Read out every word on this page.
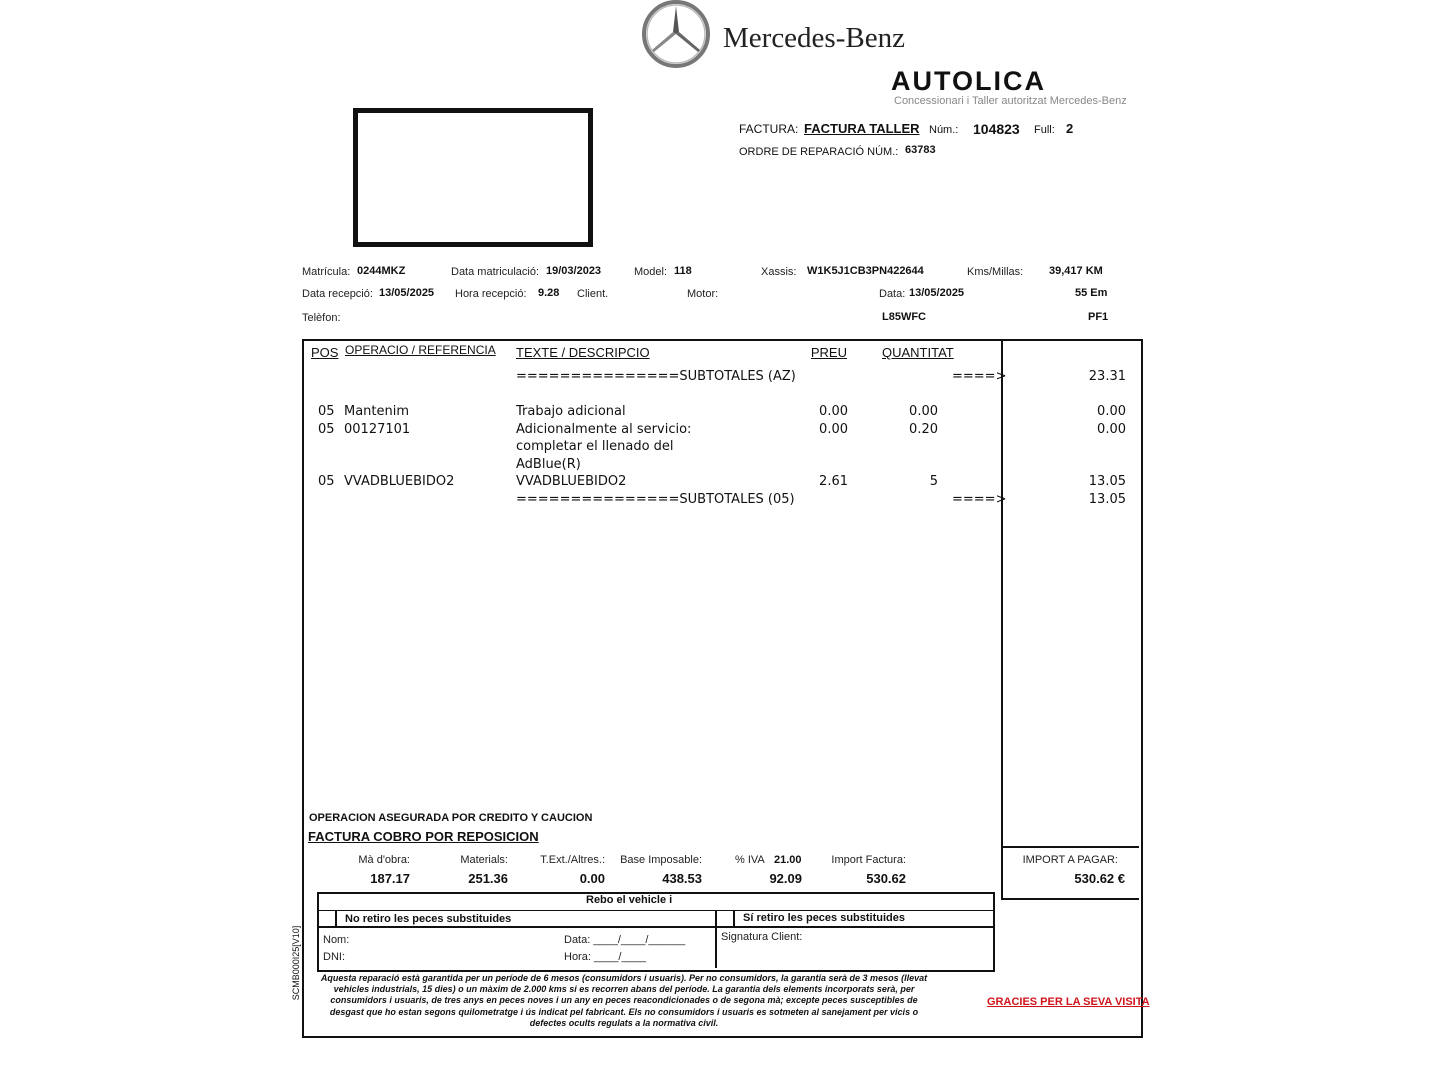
Mercedes-Benz
AUTOLICA
Concessionari i Taller autoritzat Mercedes-Benz
FACTURA: FACTURA TALLER Núm.: 104823 Full: 2
ORDRE DE REPARACIÓ NÚM.: 63783
Matrícula: 0244MKZ	Data matriculació: 19/03/2023	Model: 118	Xassis: W1K5J1CB3PN422644	Kms/Millas: 39,417 KM
Data recepció: 13/05/2025 Hora recepció: 9.28 Client.	Motor:	Data: 13/05/2025	55 Em
Telèfon:	L85WFC	PF1
POS OPERACIO / REFERENCIA TEXTE / DESCRIPCIO	PREU	QUANTITAT
===============SUBTOTALES (AZ)	====>	23.31
05 Mantenim	Trabajo adicional	0.00	0.00	0.00
05 00127101	Adicionalmente al servicio:
completar el llenado del
AdBlue(R)
0.00	0.20	0.00
05 VVADBLUEBIDO2	VVADBLUEBIDO2	2.61	5	13.05
===============SUBTOTALES (05)	====>	13.05
OPERACION ASEGURADA POR CREDITO Y CAUCION
FACTURA COBRO POR REPOSICION
Mà d'obra:
187.17
Materials:
251.36
T.Ext./Altres.:
0.00
Base Imposable:
438.53
% IVA 21.00
92.09
Import Factura:
530.62
IMPORT A PAGAR:
530.62 €
Rebo el vehicle i
No retiro les peces substituides	Sí retiro les peces substituides
Nom:
DNI:
Data: ____/____/______
Hora: ____/____
Signatura Client:
Aquesta reparació està garantida per un període de 6 mesos (consumidors i usuaris). Per no consumidors, la garantia serà de 3 mesos (llevat vehicles industrials, 15 dies) o un màxim de 2.000 kms si es recorren abans del període. La garantia dels elements incorporats serà, per consumidors i usuaris, de tres anys en peces noves i un any en peces reacondicionades o de segona mà; excepte peces susceptibles de desgast que ho estan segons quilometratge i ús indicat pel fabricant. Els no consumidors i usuaris es sotmeten al sanejament per vicis o defectes ocults regulats a la normativa civil.
GRACIES PER LA SEVA VISITA
SCMB000I25[V10]
